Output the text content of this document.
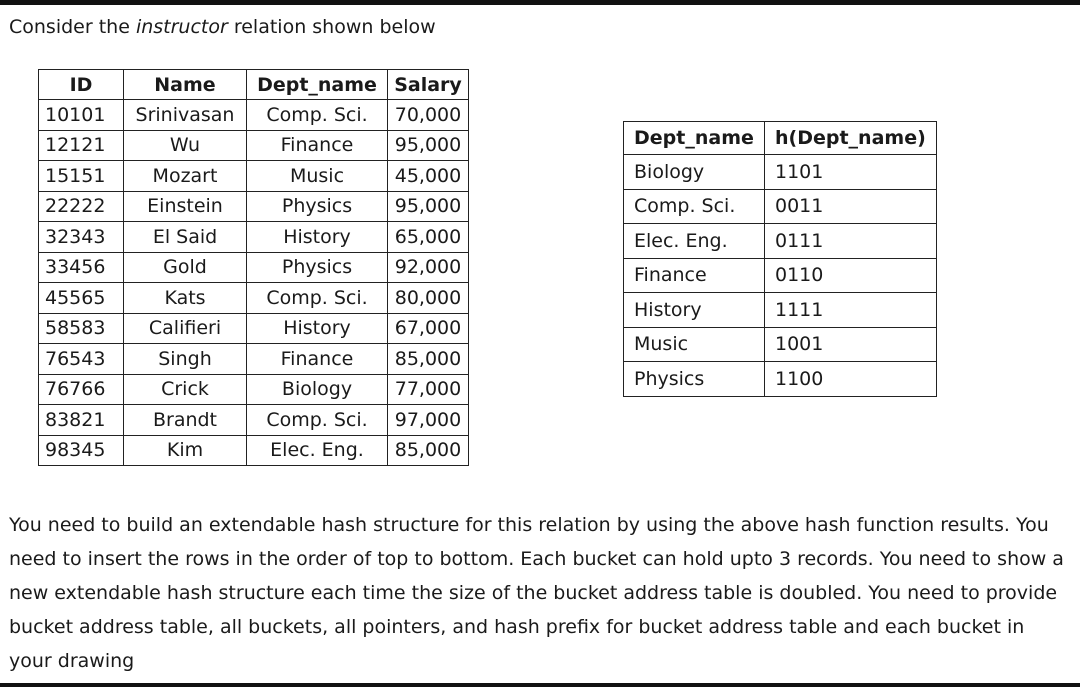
Consider the instructor relation shown below
ID	Name	Dept_name	Salary
10101	Srinivasan	Comp. Sci.	70,000
12121	Wu	Finance	95,000
15151	Mozart	Music	45,000
22222	Einstein	Physics	95,000
32343	El Said	History	65,000
33456	Gold	Physics	92,000
45565	Kats	Comp. Sci.	80,000
58583	Califieri	History	67,000
76543	Singh	Finance	85,000
76766	Crick	Biology	77,000
83821	Brandt	Comp. Sci.	97,000
98345	Kim	Elec. Eng.	85,000
Dept_name	h(Dept_name)
Biology	1101
Comp. Sci.	0011
Elec. Eng.	0111
Finance	0110
History	1111
Music	1001
Physics	1100

You need to build an extendable hash structure for this relation by using the above hash function results. You need to insert the rows in the order of top to bottom. Each bucket can hold upto 3 records. You need to show a new extendable hash structure each time the size of the bucket address table is doubled. You need to provide bucket address table, all buckets, all pointers, and hash prefix for bucket address table and each bucket in your drawing
